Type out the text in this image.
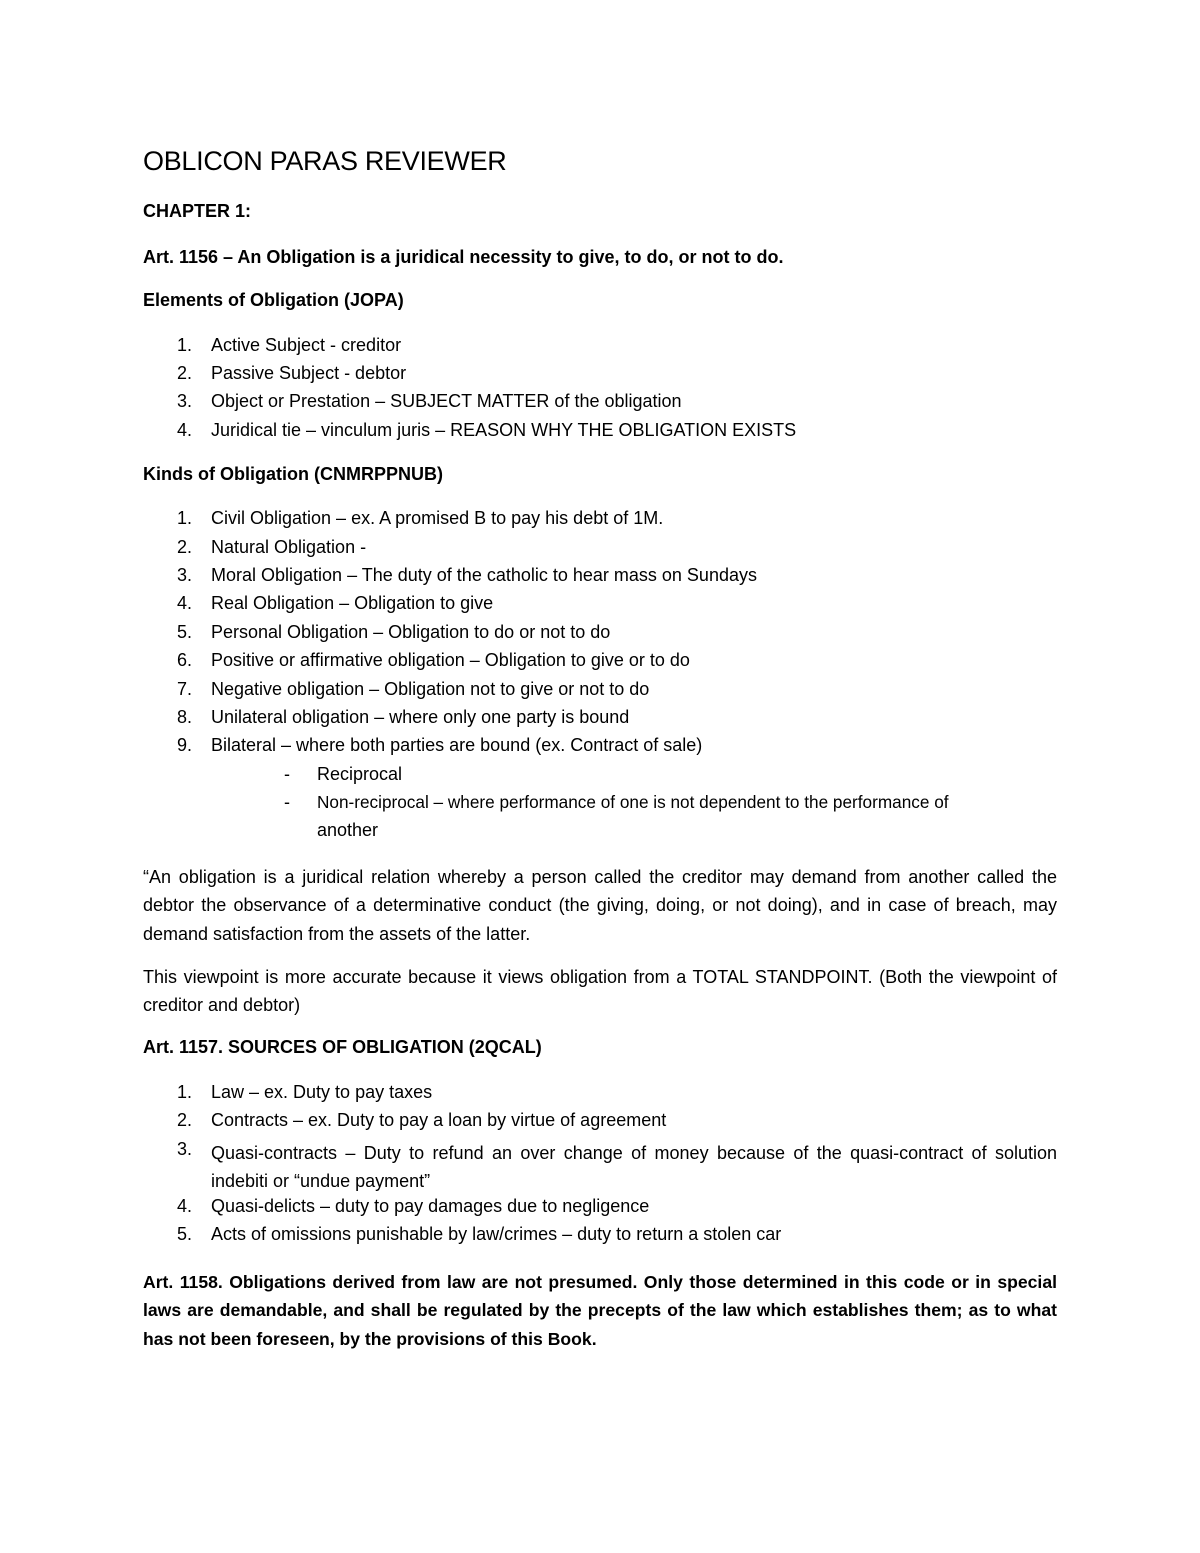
OBLICON PARAS REVIEWER
CHAPTER 1:
Art. 1156 – An Obligation is a juridical necessity to give, to do, or not to do.
Elements of Obligation (JOPA)
1. Active Subject - creditor
2. Passive Subject - debtor
3. Object or Prestation – SUBJECT MATTER of the obligation
4. Juridical tie – vinculum juris – REASON WHY THE OBLIGATION EXISTS
Kinds of Obligation (CNMRPPNUB)
1. Civil Obligation – ex. A promised B to pay his debt of 1M.
2. Natural Obligation -
3. Moral Obligation – The duty of the catholic to hear mass on Sundays
4. Real Obligation – Obligation to give
5. Personal Obligation – Obligation to do or not to do
6. Positive or affirmative obligation – Obligation to give or to do
7. Negative obligation – Obligation not to give or not to do
8. Unilateral obligation – where only one party is bound
9. Bilateral – where both parties are bound (ex. Contract of sale)
- Reciprocal
- Non-reciprocal – where performance of one is not dependent to the performance of
another
“An obligation is a juridical relation whereby a person called the creditor may demand from another called the debtor the observance of a determinative conduct (the giving, doing, or not doing), and in case of breach, may demand satisfaction from the assets of the latter.
This viewpoint is more accurate because it views obligation from a TOTAL STANDPOINT. (Both the viewpoint of creditor and debtor)
Art. 1157. SOURCES OF OBLIGATION (2QCAL)
1. Law – ex. Duty to pay taxes
2. Contracts – ex. Duty to pay a loan by virtue of agreement
3. Quasi-contracts – Duty to refund an over change of money because of the quasi-contract of solution indebiti or “undue payment”
4. Quasi-delicts – duty to pay damages due to negligence
5. Acts of omissions punishable by law/crimes – duty to return a stolen car
Art. 1158. Obligations derived from law are not presumed. Only those determined in this code or in special laws are demandable, and shall be regulated by the precepts of the law which establishes them; as to what has not been foreseen, by the provisions of this Book.
